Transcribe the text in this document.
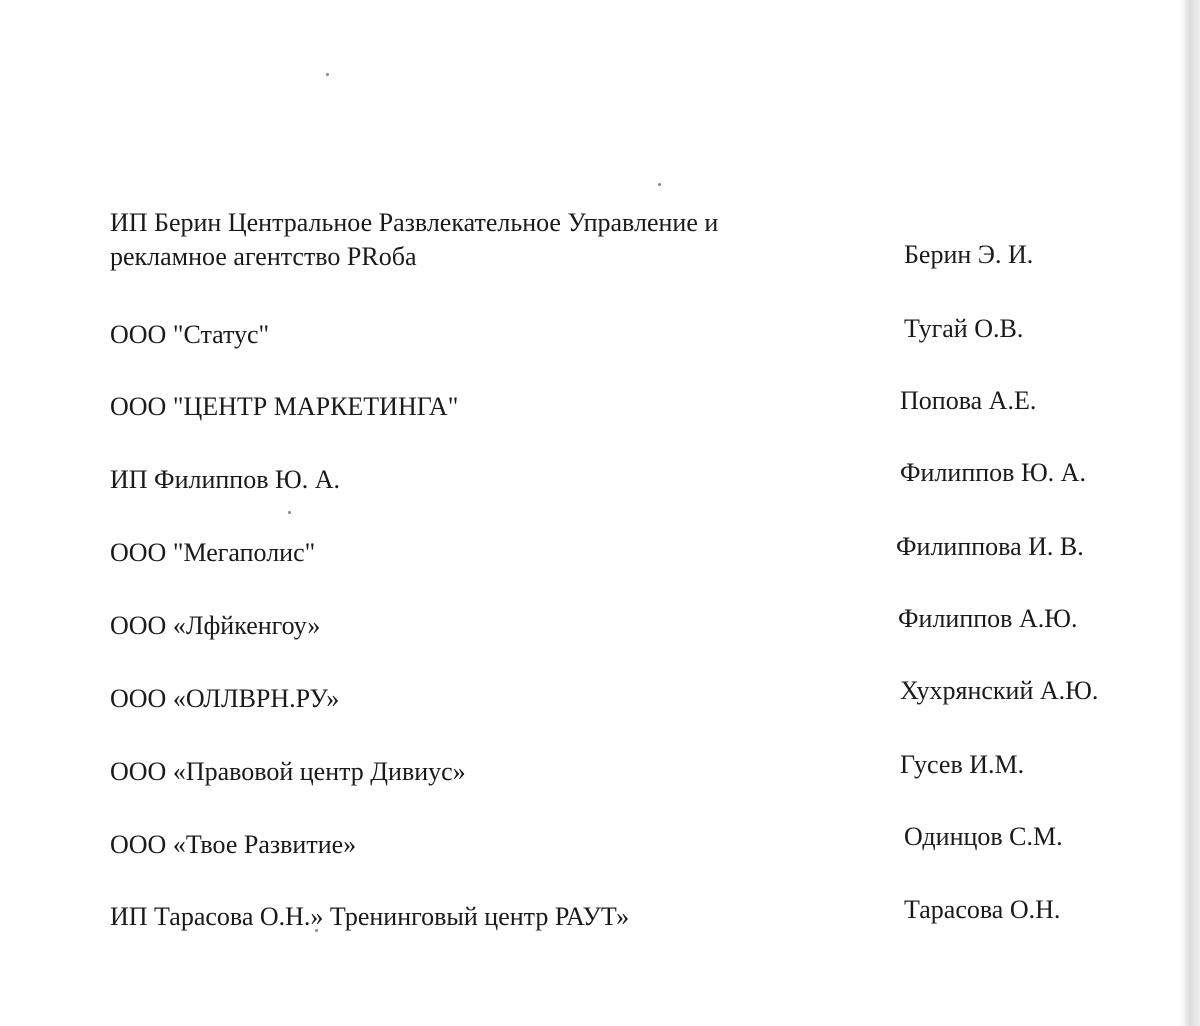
ИП Берин Центральное Развлекательное Управление и
рекламное агентство PRоба	Берин Э. И.
ООО "Статус"	Тугай О.В.
ООО "ЦЕНТР МАРКЕТИНГА"	Попова А.Е.
ИП Филиппов Ю. А.	Филиппов Ю. А.
ООО "Мегаполис"	Филиппова И. В.
ООО «Лфйкенгоу»	Филиппов А.Ю.
ООО «ОЛЛВРН.РУ»	Хухрянский А.Ю.
ООО «Правовой центр Дивиус»	Гусев И.М.
ООО «Твое Развитие»	Одинцов С.М.
ИП Тарасова О.Н.» Тренинговый центр РАУТ»	Тарасова О.Н.
